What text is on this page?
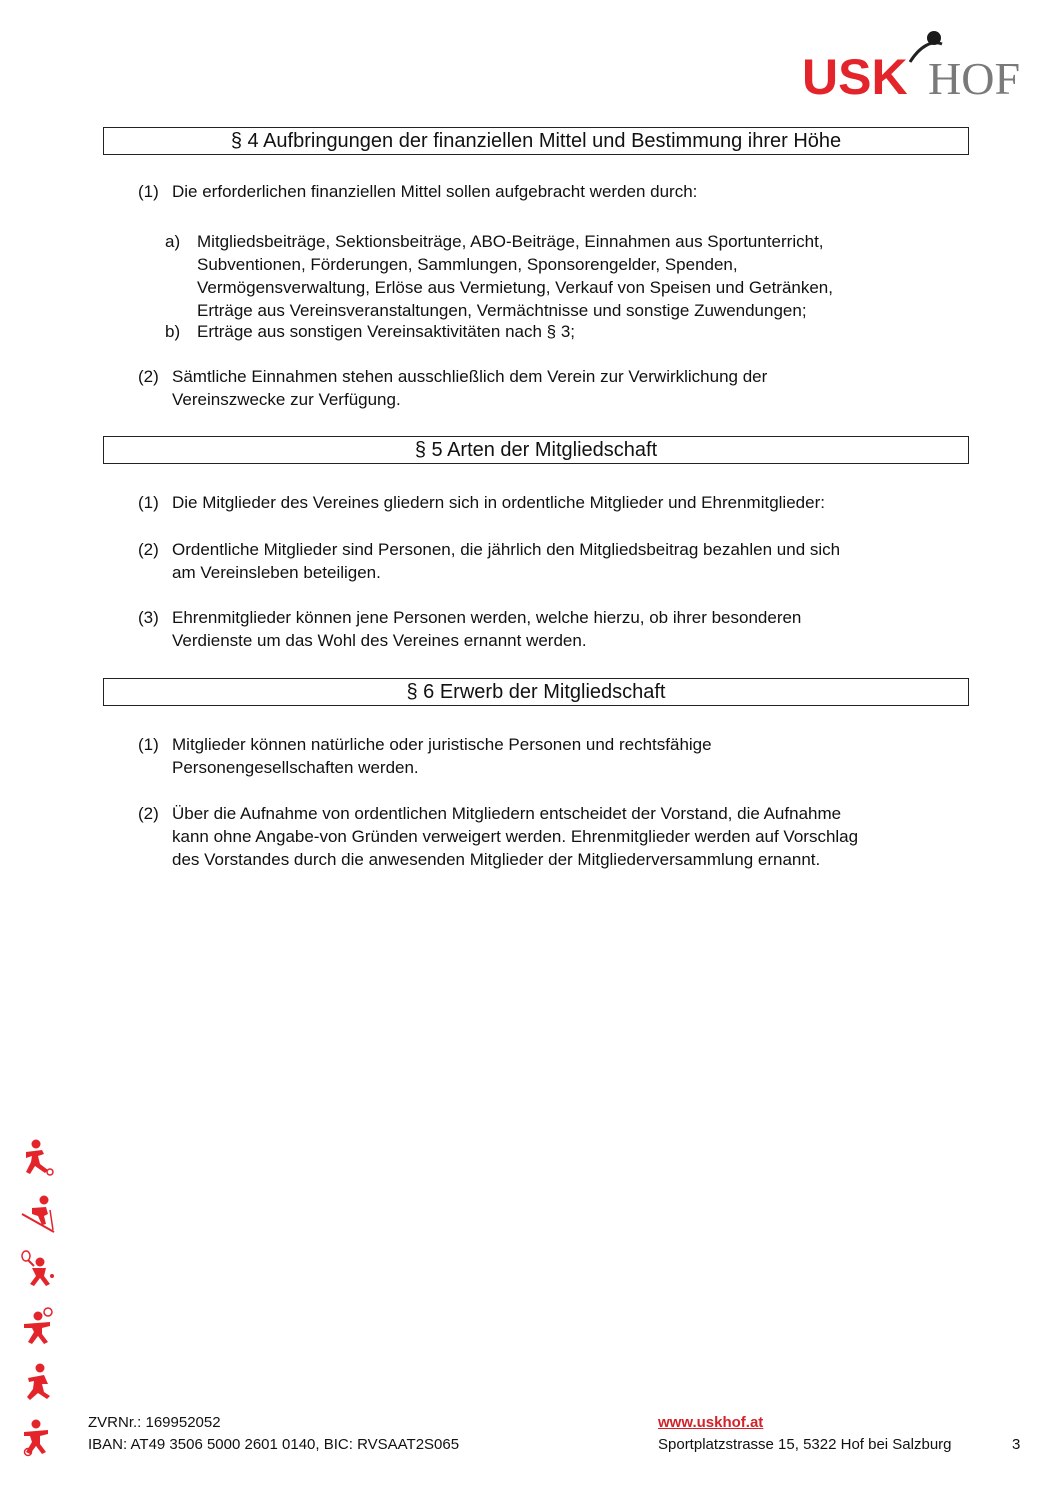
USK HOF
§ 4 Aufbringungen der finanziellen Mittel und Bestimmung ihrer Höhe
(1) Die erforderlichen finanziellen Mittel sollen aufgebracht werden durch:
a) Mitgliedsbeiträge, Sektionsbeiträge, ABO-Beiträge, Einnahmen aus Sportunterricht,
Subventionen, Förderungen, Sammlungen, Sponsorengelder, Spenden,
Vermögensverwaltung, Erlöse aus Vermietung, Verkauf von Speisen und Getränken,
Erträge aus Vereinsveranstaltungen, Vermächtnisse und sonstige Zuwendungen;
b) Erträge aus sonstigen Vereinsaktivitäten nach § 3;
(2) Sämtliche Einnahmen stehen ausschließlich dem Verein zur Verwirklichung der
Vereinszwecke zur Verfügung.
§ 5 Arten der Mitgliedschaft
(1) Die Mitglieder des Vereines gliedern sich in ordentliche Mitglieder und Ehrenmitglieder:
(2) Ordentliche Mitglieder sind Personen, die jährlich den Mitgliedsbeitrag bezahlen und sich
am Vereinsleben beteiligen.
(3) Ehrenmitglieder können jene Personen werden, welche hierzu, ob ihrer besonderen
Verdienste um das Wohl des Vereines ernannt werden.
§ 6 Erwerb der Mitgliedschaft
(1) Mitglieder können natürliche oder juristische Personen und rechtsfähige
Personengesellschaften werden.
(2) Über die Aufnahme von ordentlichen Mitgliedern entscheidet der Vorstand, die Aufnahme
kann ohne Angabe-von Gründen verweigert werden. Ehrenmitglieder werden auf Vorschlag
des Vorstandes durch die anwesenden Mitglieder der Mitgliederversammlung ernannt.
ZVRNr.: 169952052
IBAN: AT49 3506 5000 2601 0140, BIC: RVSAAT2S065
www.uskhof.at
Sportplatzstrasse 15, 5322 Hof bei Salzburg	3
